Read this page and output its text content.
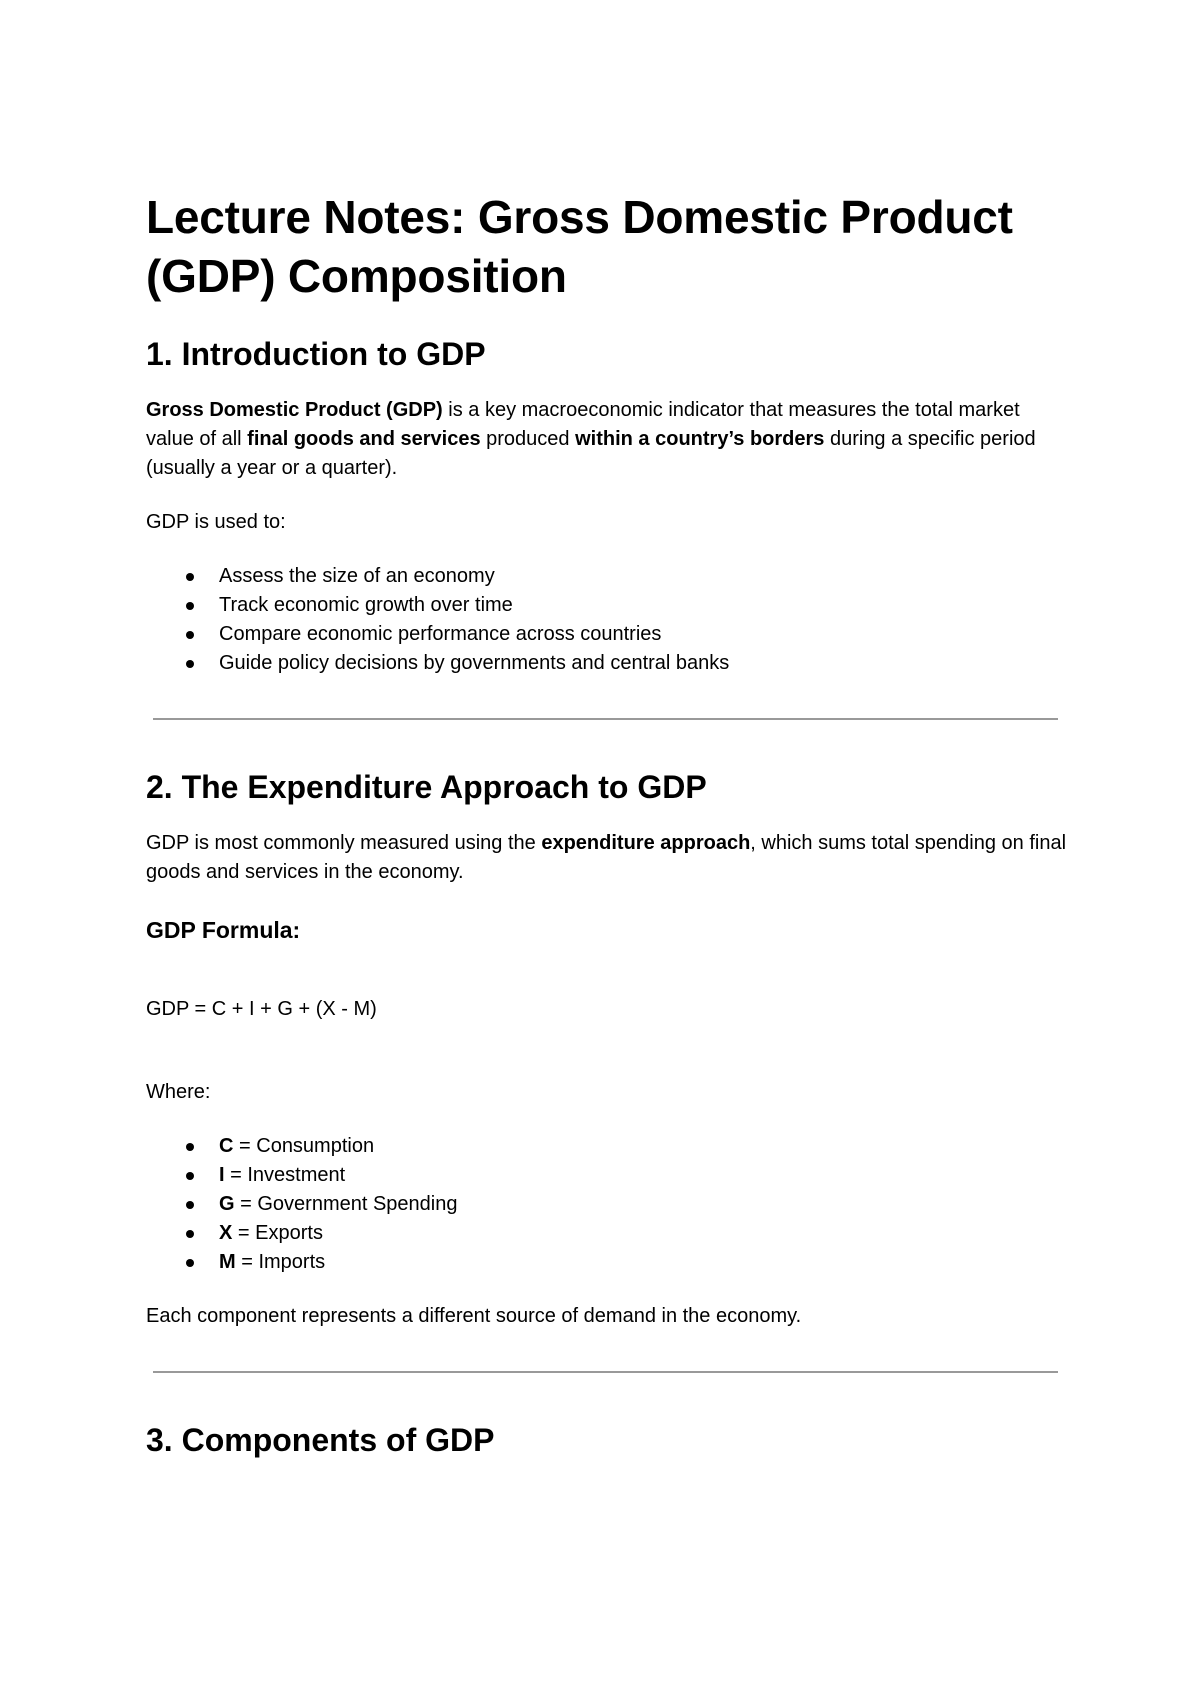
Lecture Notes: Gross Domestic Product
(GDP) Composition
1. Introduction to GDP

Gross Domestic Product (GDP) is a key macroeconomic indicator that measures the total market value of all final goods and services produced within a country’s borders during a specific period (usually a year or a quarter).

GDP is used to:

Assess the size of an economy
Track economic growth over time
Compare economic performance across countries
Guide policy decisions by governments and central banks
2. The Expenditure Approach to GDP

GDP is most commonly measured using the expenditure approach, which sums total spending on final goods and services in the economy.

GDP Formula:

GDP = C + I + G + (X - M)

Where:

C = Consumption
I = Investment
G = Government Spending
X = Exports
M = Imports

Each component represents a different source of demand in the economy.

3. Components of GDP
